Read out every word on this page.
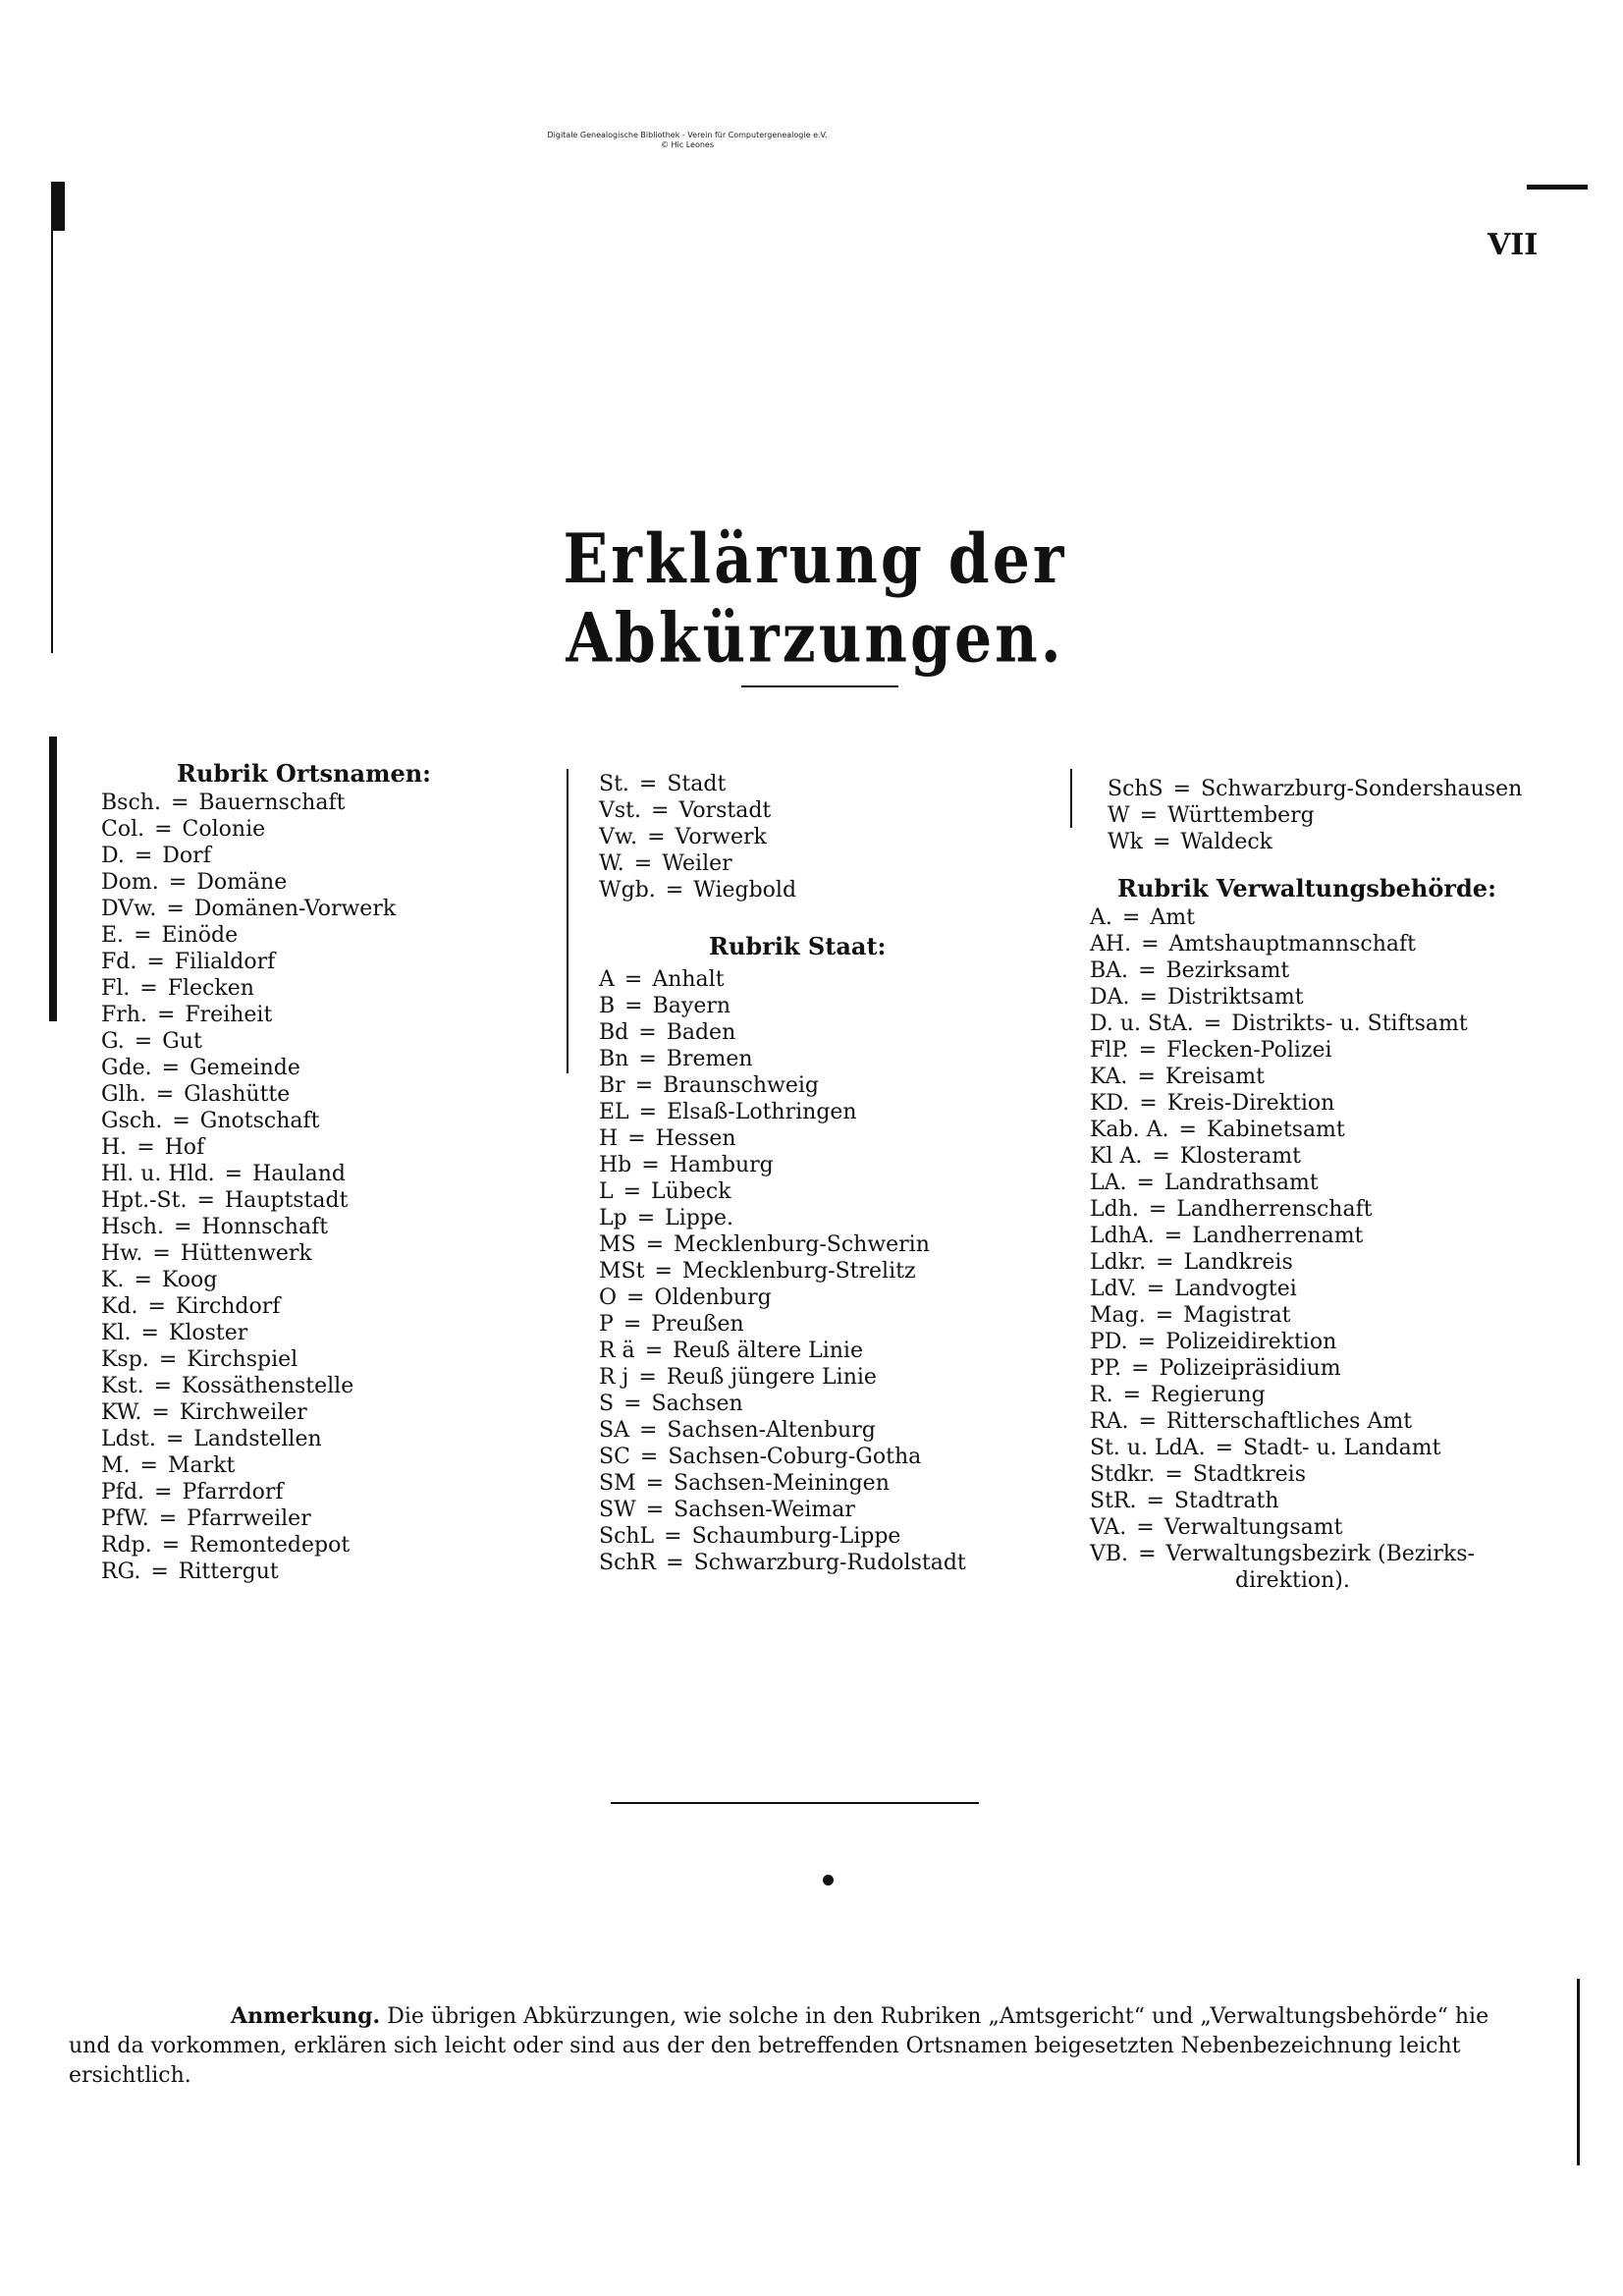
Digitale Genealogische Bibliothek - Verein für Computergenealogie e.V.
© Hic Leones
VII
Erklärung der Abkürzungen.
Rubrik Ortsnamen:
Bsch. = Bauernschaft
Col. = Colonie
D. = Dorf
Dom. = Domäne
DVw. = Domänen-Vorwerk
E. = Einöde
Fd. = Filialdorf
Fl. = Flecken
Frh. = Freiheit
G. = Gut
Gde. = Gemeinde
Glh. = Glashütte
Gsch. = Gnotschaft
H. = Hof
Hl. u. Hld. = Hauland
Hpt.-St. = Hauptstadt
Hsch. = Honnschaft
Hw. = Hüttenwerk
K. = Koog
Kd. = Kirchdorf
Kl. = Kloster
Ksp. = Kirchspiel
Kst. = Kossäthenstelle
KW. = Kirchweiler
Ldst. = Landstellen
M. = Markt
Pfd. = Pfarrdorf
PfW. = Pfarrweiler
Rdp. = Remontedepot
RG. = Rittergut
St. = Stadt
Vst. = Vorstadt
Vw. = Vorwerk
W. = Weiler
Wgb. = Wiegbold
Rubrik Staat:
A = Anhalt
B = Bayern
Bd = Baden
Bn = Bremen
Br = Braunschweig
EL = Elsaß-Lothringen
H = Hessen
Hb = Hamburg
L = Lübeck
Lp = Lippe.
MS = Mecklenburg-Schwerin
MSt = Mecklenburg-Strelitz
O = Oldenburg
P = Preußen
R ä = Reuß ältere Linie
R j = Reuß jüngere Linie
S = Sachsen
SA = Sachsen-Altenburg
SC = Sachsen-Coburg-Gotha
SM = Sachsen-Meiningen
SW = Sachsen-Weimar
SchL = Schaumburg-Lippe
SchR = Schwarzburg-Rudolstadt
SchS = Schwarzburg-Sondershausen
W = Württemberg
Wk = Waldeck
Rubrik Verwaltungsbehörde:
A. = Amt
AH. = Amtshauptmannschaft
BA. = Bezirksamt
DA. = Distriktsamt
D. u. StA. = Distrikts- u. Stiftsamt
FlP. = Flecken-Polizei
KA. = Kreisamt
KD. = Kreis-Direktion
Kab. A. = Kabinetsamt
Kl A. = Klosteramt
LA. = Landrathsamt
Ldh. = Landherrenschaft
LdhA. = Landherrenamt
Ldkr. = Landkreis
LdV. = Landvogtei
Mag. = Magistrat
PD. = Polizeidirektion
PP. = Polizeipräsidium
R. = Regierung
RA. = Ritterschaftliches Amt
St. u. LdA. = Stadt- u. Landamt
Stdkr. = Stadtkreis
StR. = Stadtrath
VA. = Verwaltungsamt
VB. = Verwaltungsbezirk (Bezirks-
direktion).
Anmerkung. Die übrigen Abkürzungen, wie solche in den Rubriken „Amtsgericht“ und „Verwaltungsbehörde“ hie und da vorkommen, erklären sich leicht oder sind aus der den betreffenden Ortsnamen beigesetzten Nebenbezeichnung leicht ersichtlich.
